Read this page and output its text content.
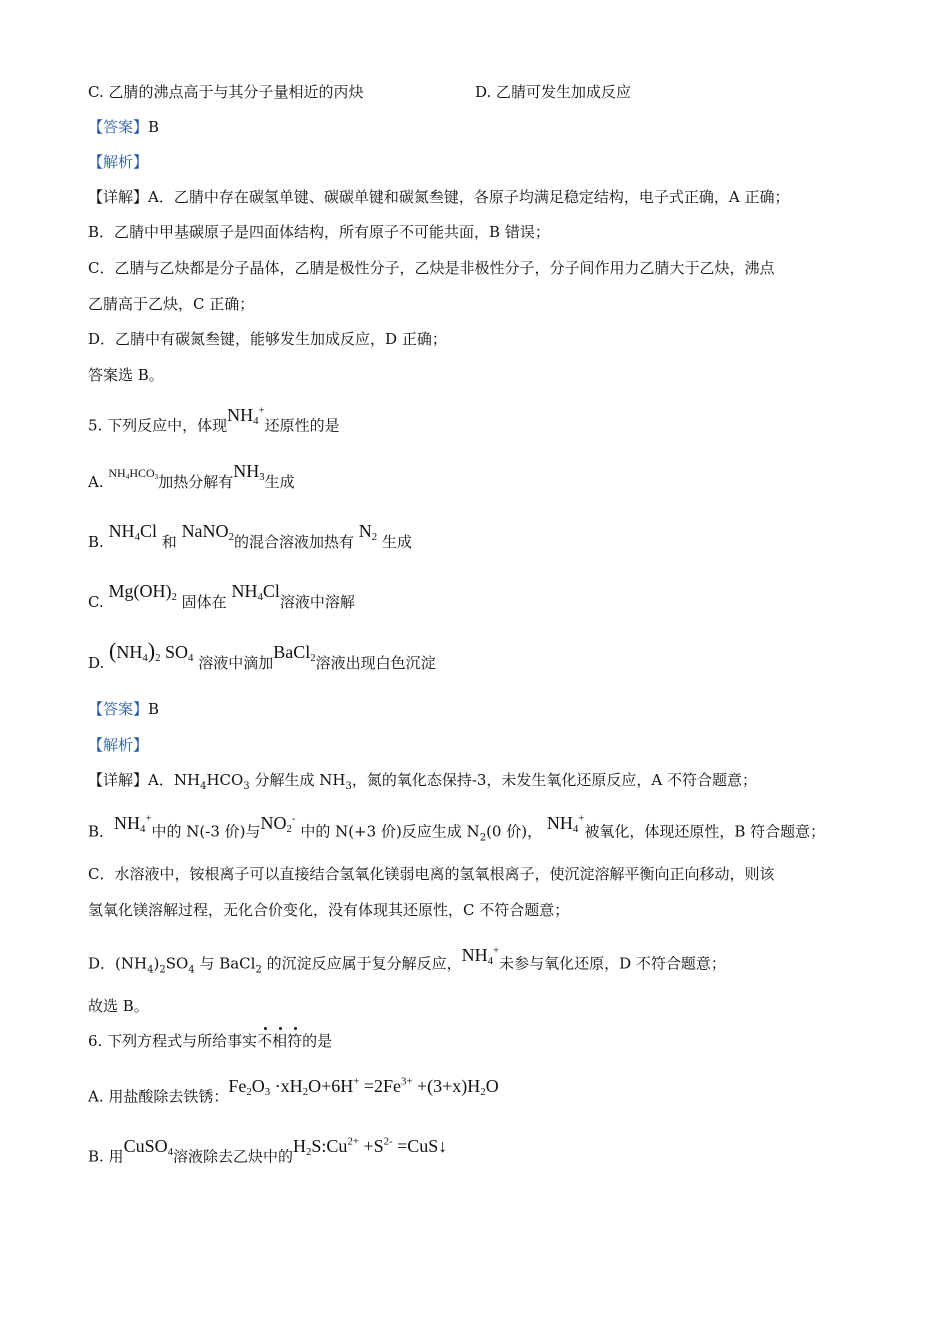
C. 乙腈的沸点高于与其分子量相近的丙炔	D. 乙腈可发生加成反应
【答案】B
【解析】
【详解】A．乙腈中存在碳氢单键、碳碳单键和碳氮叁键，各原子均满足稳定结构，电子式正确，A 正确；
B．乙腈中甲基碳原子是四面体结构，所有原子不可能共面，B 错误；
C．乙腈与乙炔都是分子晶体，乙腈是极性分子，乙炔是非极性分子，分子间作用力乙腈大于乙炔，沸点
乙腈高于乙炔，C 正确；
D．乙腈中有碳氮叁键，能够发生加成反应，D 正确；
答案选 B。
5. 下列反应中，体现$NH_4^+$还原性的是
A. $^{NH_4HCO_3}$加热分解有$NH_3$生成
B. $NH_4Cl$ 和 NaNO$_2$的混合溶液加热有 $N_2$ 生成
C. $Mg(OH)_2$ 固体在 $NH_4Cl$溶液中溶解
D. $(NH_4)_2$ $SO_4$ 溶液中滴加BaCl$_2$溶液出现白色沉淀
【答案】B
【解析】
【详解】A．$NH_4HCO_3$ 分解生成 $NH_3$，氮的氧化态保持-3，未发生氧化还原反应，A 不符合题意；
B．$NH_4^+$中的 N(-3 价)与$NO_2^-$ 中的 N(+3 价)反应生成 $N_2(0$ 价)， $NH_4^+$被氧化，体现还原性，B 符合题意；
C．水溶液中，铵根离子可以直接结合氢氧化镁弱电离的氢氧根离子，使沉淀溶解平衡向正向移动，则该
氢氧化镁溶解过程，无化合价变化，没有体现其还原性，C 不符合题意；
D．$(NH_4)_2SO_4$ 与 BaCl$_2$ 的沉淀反应属于复分解反应，$NH_4^+$未参与氧化还原，D 不符合题意；
故选 B。
6. 下列方程式与所给事实不相符的是
A. 用盐酸除去铁锈：$Fe_2O_3 \cdot xH_2O+6H^+ =2Fe^{3+} +(3+x)H_2O$
B. 用CuSO$_4$溶液除去乙炔中的$H_2S:Cu^{2+} +S^{2-}$ =CuS↓
